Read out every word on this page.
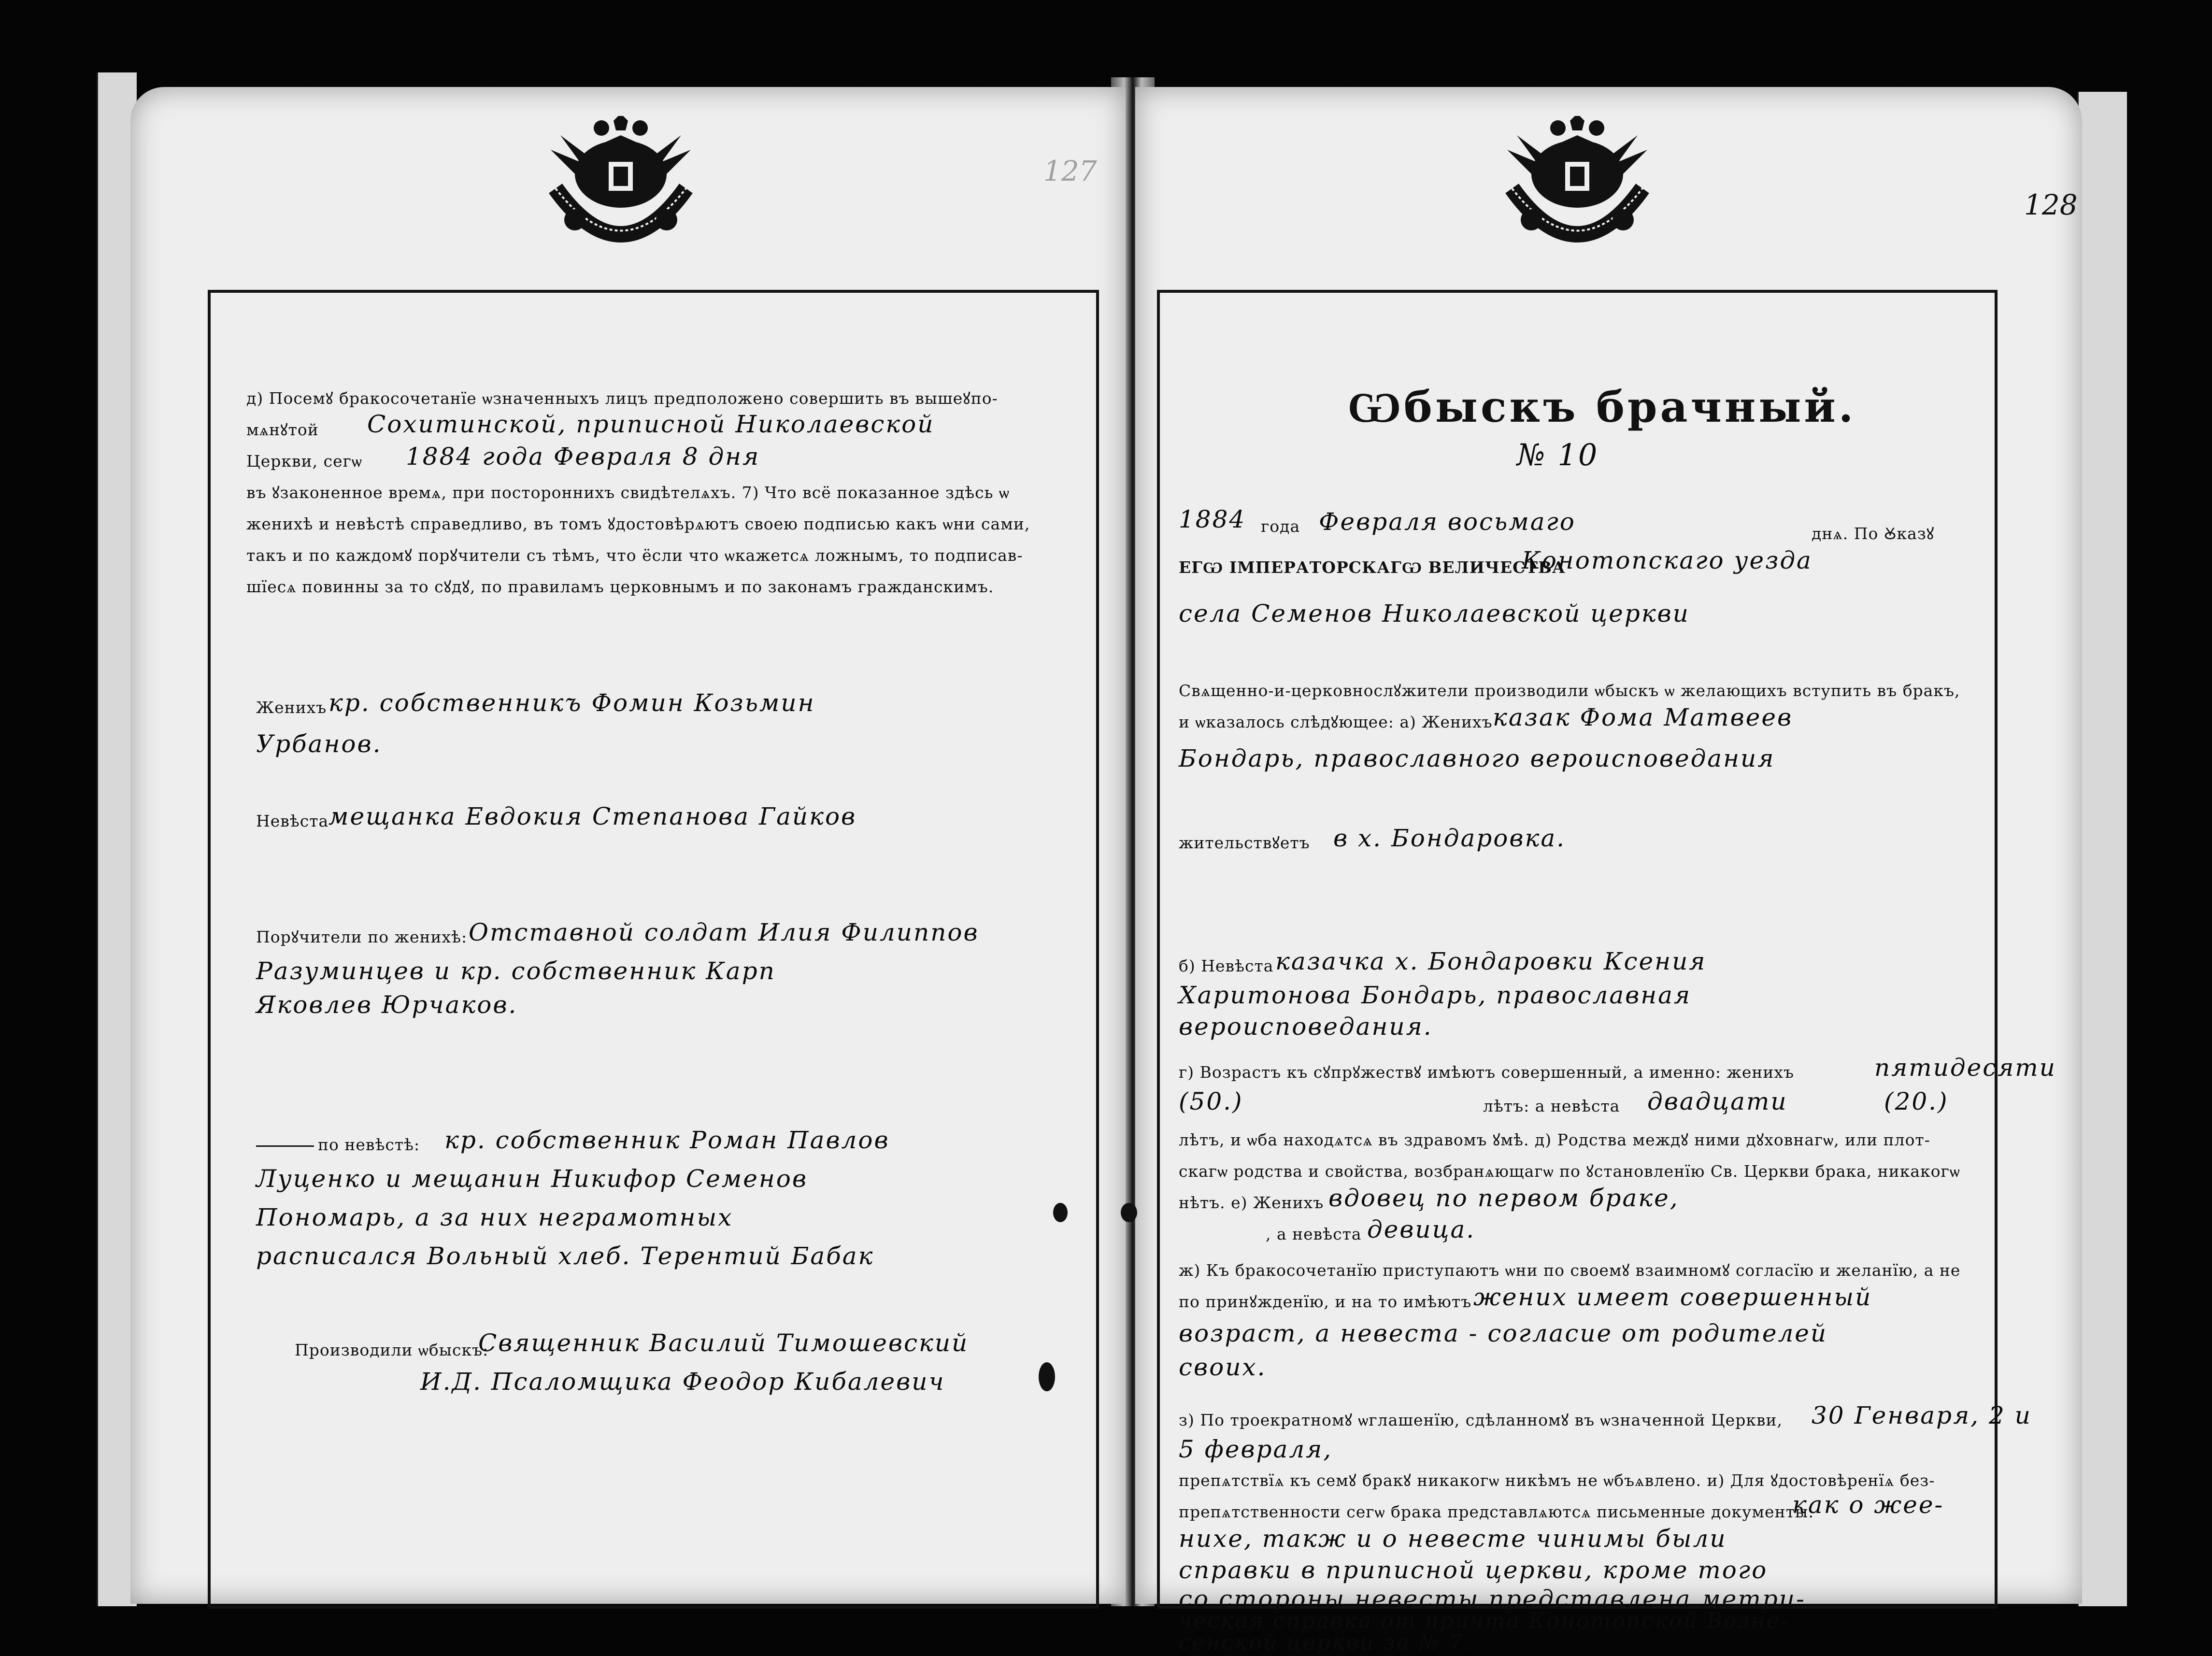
127
д) Посемꙋ бракосочетанїе ѡзначенныхъ лицъ предположено совершить въ вышеꙋпо-
мѧнꙋтой Сохитинской, приписной Николаевской
Церкви, сегѡ 1884 года Февраля 8 дня
въ ꙋзаконенное времѧ, при постороннихъ свидѣтелѧхъ. 7) Что всё показанное здѣсь ѡ
женихѣ и невѣстѣ справедливо, въ томъ ꙋдостовѣрѧютъ своею подписью какъ ѡни сами,
такъ и по каждомꙋ порꙋчители съ тѣмъ, что ёсли что ѡкажетсѧ ложнымъ, то подписав-
шїесѧ повинны за то сꙋдꙋ, по правиламъ церковнымъ и по законамъ гражданскимъ.
Женихъ кр. собственникъ Фомин Козьмин
Урбанов.
Невѣста мещанка Евдокия Степанова Гайков
Порꙋчители по женихѣ: Отставной солдат Илия Филиппов
Разуминцев и кр. собственник Карп
Яковлев Юрчаков.
по невѣстѣ: кр. собственник Роман Павлов
Луценко и мещанин Никифор Семенов
Пономарь, а за них неграмотных
расписался Вольный хлеб. Терентий Бабак
Производили ѡбыскъ:
Священник Василий Тимошевский
И.Д. Псаломщика Феодор Кибалевич
128
Ѡбыскъ брачный.
№ 10
1884 года Февраля восьмаго	днѧ. По Ꙋказꙋ
ЕГѠ ІМПЕРАТОРСКАГѠ ВЕЛИЧЕСТВА
Конотопскаго уезда
села Семенов Николаевской церкви
Свѧщенно-и-церковнослꙋжители производили ѡбыскъ ѡ желающихъ вступить въ бракъ,
и ѡказалось слѣдꙋющее: а) Женихъ казак Фома Матвеев
Бондарь, православного вероисповедания
жительствꙋетъ в х. Бондаровка.
б) Невѣста казачка х. Бондаровки Ксения
Харитонова Бондарь, православная
вероисповедания.
г) Возрастъ къ сꙋпрꙋжествꙋ имѣютъ совершенный, а именно: женихъ	пятидесяти
(50.)	лѣтъ: а невѣста двадцати	(20.)
лѣтъ, и ѡба находѧтсѧ въ здравомъ ꙋмѣ. д) Родства междꙋ ними дꙋховнагѡ, или плот-
скагѡ родства и свойства, возбранѧющагѡ по ꙋстановленїю Св. Церкви брака, никакогѡ
нѣтъ. е) Женихъ вдовец по первом браке,
, а невѣста девица.
ж) Къ бракосочетанїю приступаютъ ѡни по своемꙋ взаимномꙋ согласїю и желанїю, а не
по принꙋжденїю, и на то имѣютъ жених имеет совершенный
возраст, а невеста - согласие от родителей
своих.
з) По троекратномꙋ ѡглашенїю, сдѣланномꙋ въ ѡзначенной Церкви, 30 Генваря, 2 и
5 февраля,
препѧтствїѧ къ семꙋ бракꙋ никакогѡ никѣмъ не ѡбъѧвлено. и) Для ꙋдостовѣренїѧ без-
препѧтственности сегѡ брака представлѧютсѧ письменные документы:
как о жее-
нихе, такж и о невесте чинимы были
справки в приписной церкви, кроме того
со стороны невесты представлена метри-
ческая справка от причта Конотопской Вознe-
сенской церкви за № 7.
